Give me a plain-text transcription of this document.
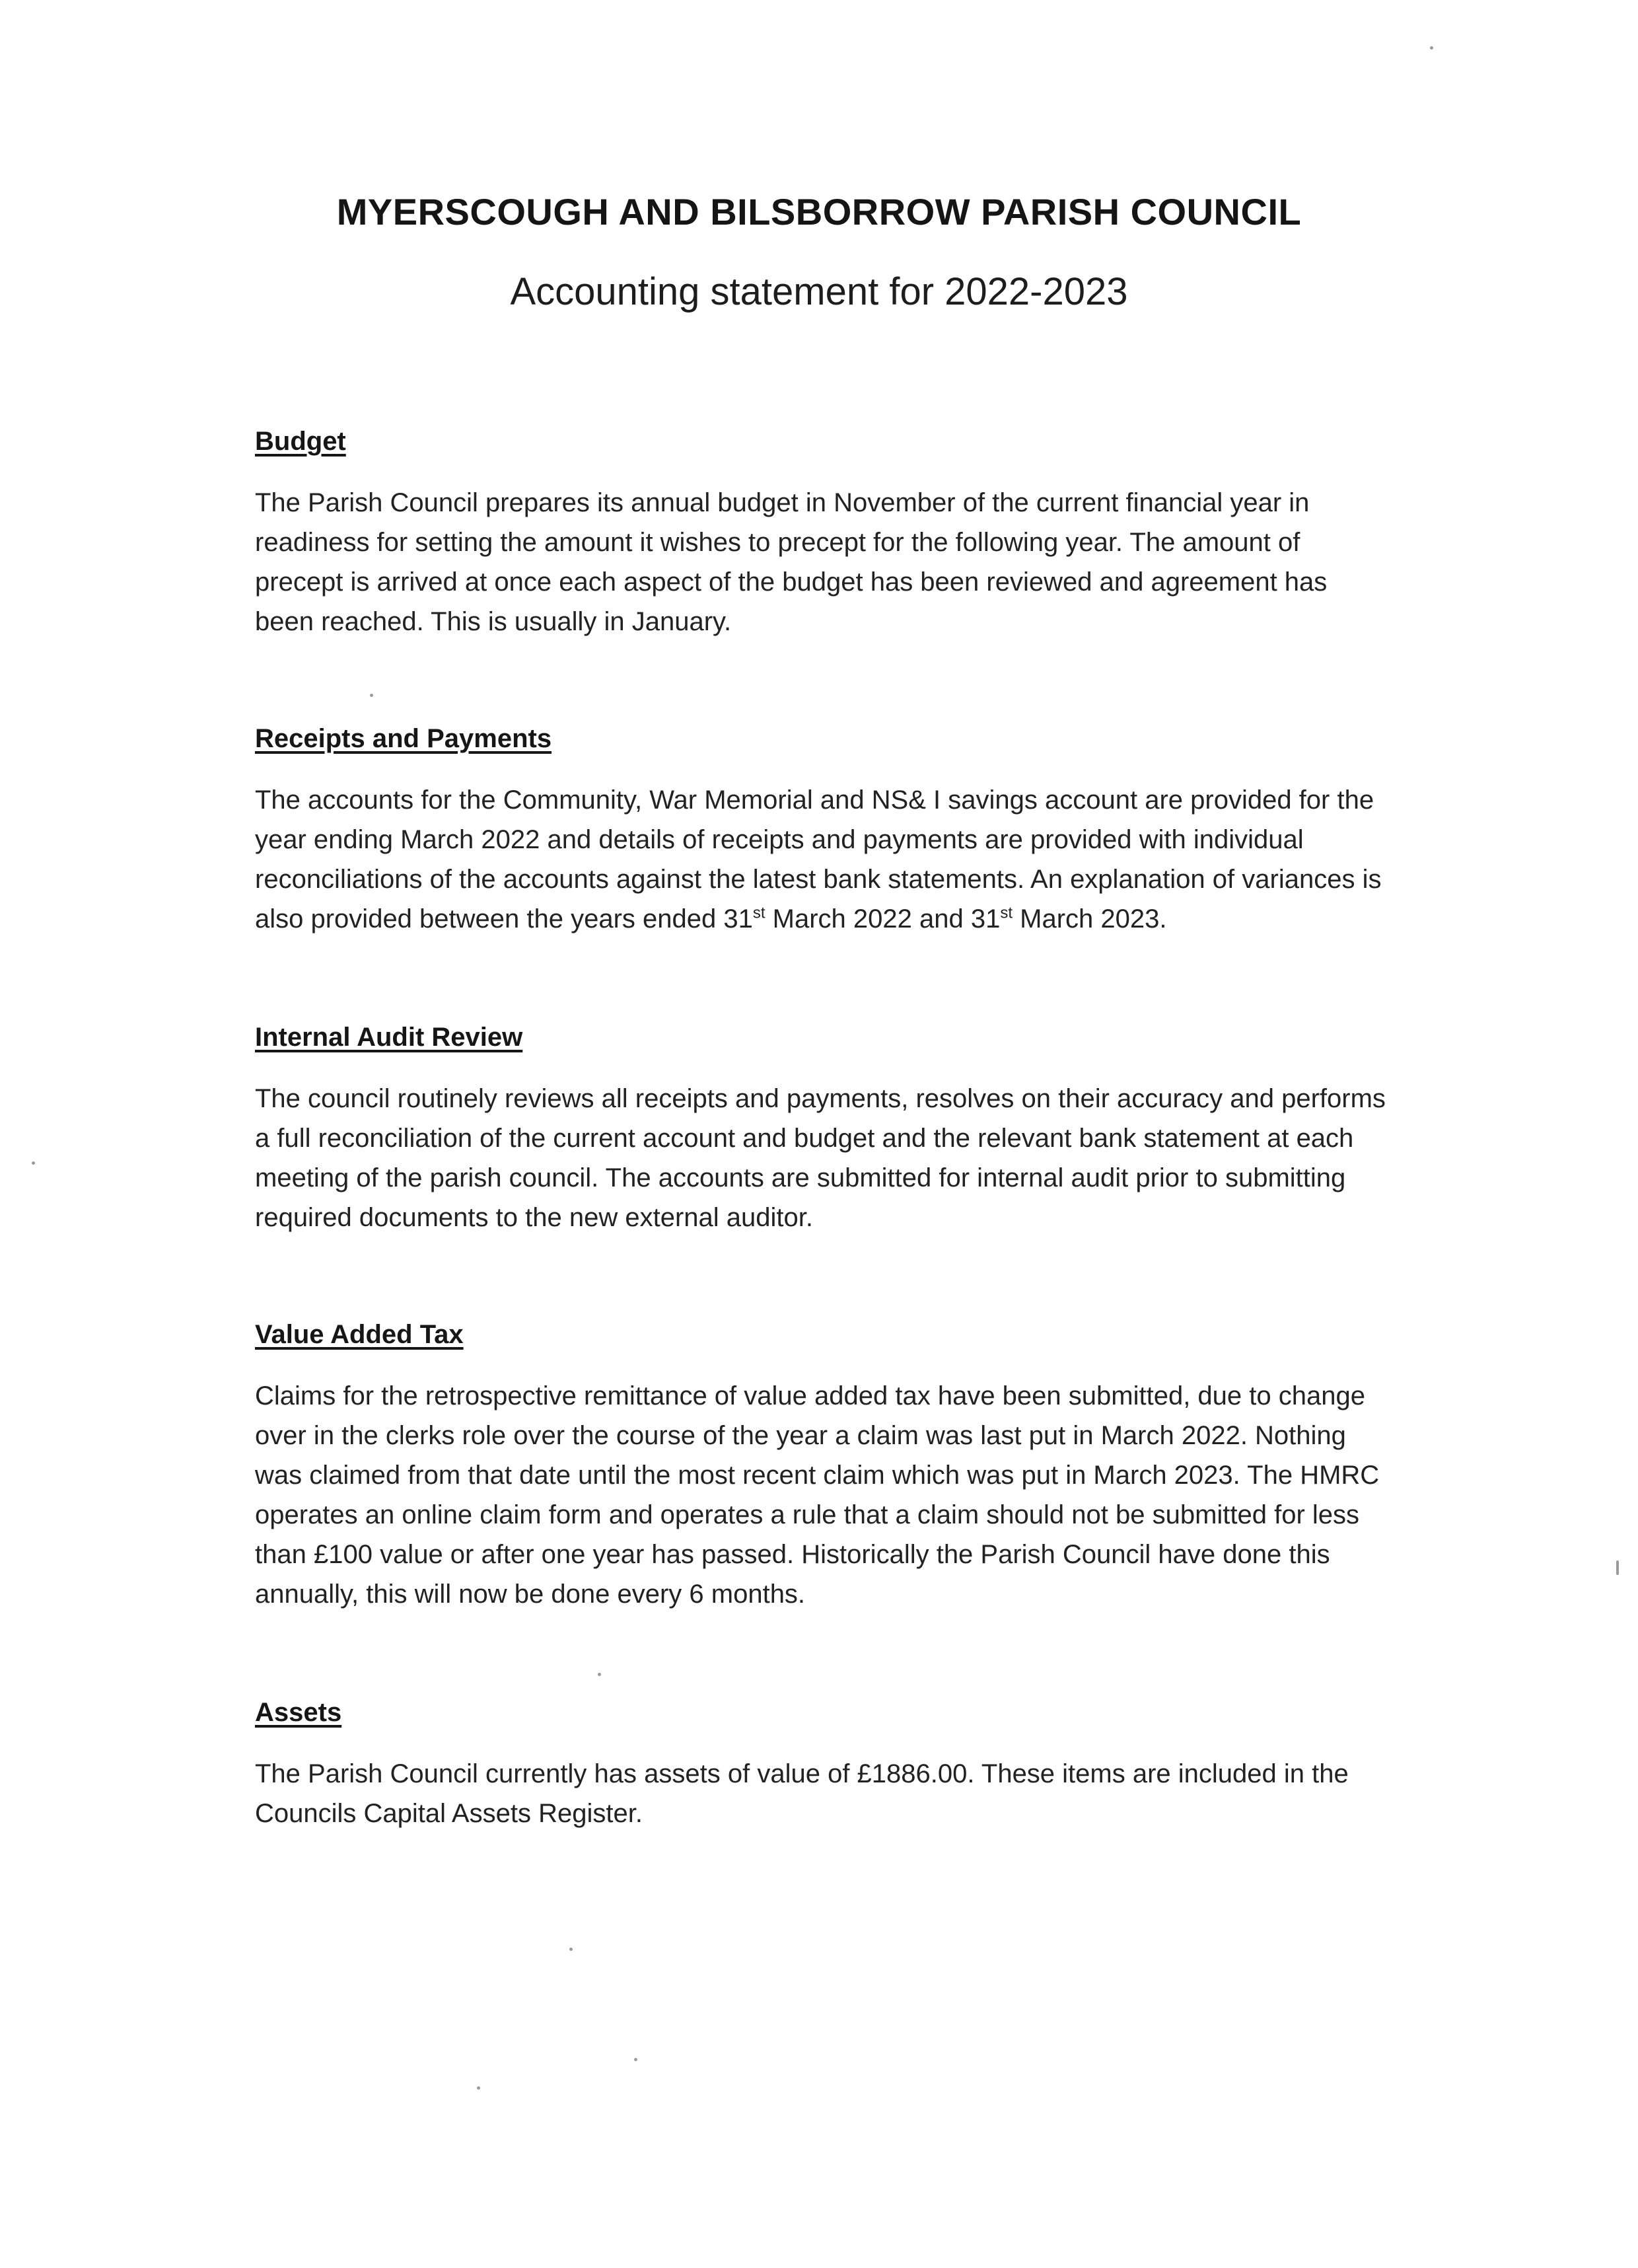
MYERSCOUGH AND BILSBORROW PARISH COUNCIL
Accounting statement for 2022-2023

Budget

The Parish Council prepares its annual budget in November of the current financial year in readiness for setting the amount it wishes to precept for the following year. The amount of precept is arrived at once each aspect of the budget has been reviewed and agreement has been reached. This is usually in January.

Receipts and Payments

The accounts for the Community, War Memorial and NS& I savings account are provided for the year ending March 2022 and details of receipts and payments are provided with individual reconciliations of the accounts against the latest bank statements. An explanation of variances is also provided between the years ended 31st March 2022 and 31st March 2023.

Internal Audit Review

The council routinely reviews all receipts and payments, resolves on their accuracy and performs a full reconciliation of the current account and budget and the relevant bank statement at each meeting of the parish council. The accounts are submitted for internal audit prior to submitting required documents to the new external auditor.

Value Added Tax

Claims for the retrospective remittance of value added tax have been submitted, due to change over in the clerks role over the course of the year a claim was last put in March 2022. Nothing was claimed from that date until the most recent claim which was put in March 2023. The HMRC operates an online claim form and operates a rule that a claim should not be submitted for less than £100 value or after one year has passed. Historically the Parish Council have done this annually, this will now be done every 6 months.

Assets

The Parish Council currently has assets of value of £1886.00. These items are included in the Councils Capital Assets Register.
